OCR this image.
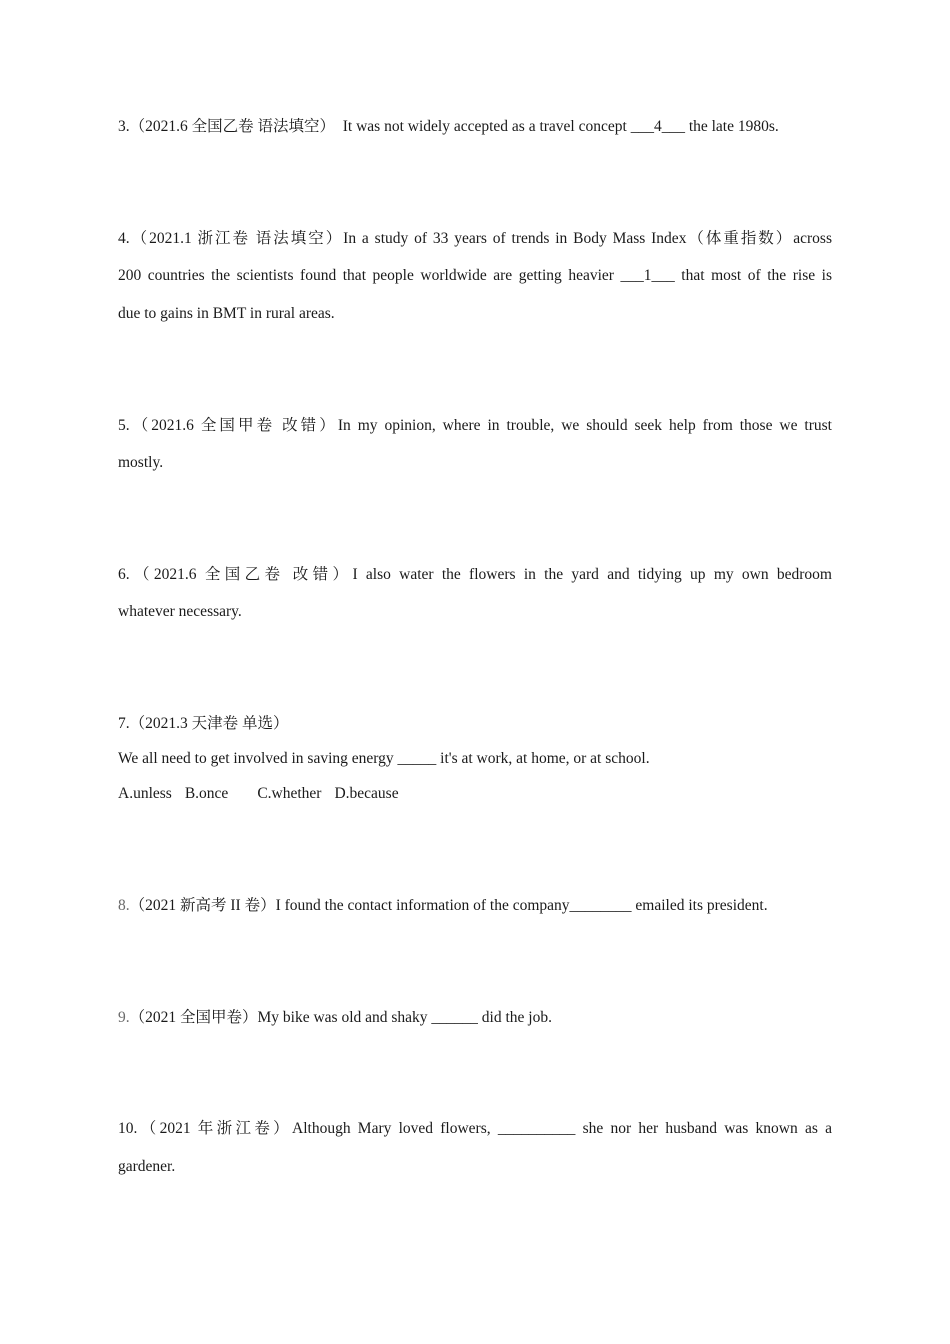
3.（2021.6 全国乙卷 语法填空）  It was not widely accepted as a travel concept ___4___ the late 1980s.
4.（2021.1 浙江卷 语法填空）In a study of 33 years of trends in Body Mass Index（体重指数）across
200 countries the scientists found that people worldwide are getting heavier ___1___ that most of the rise is
due to gains in BMT in rural areas.
5.（2021.6 全国甲卷 改错）In my opinion, where in trouble, we should seek help from those we trust
mostly.
6.（2021.6 全国乙卷 改错）I also water the flowers in the yard and tidying up my own bedroom
whatever necessary.
7.（2021.3 天津卷 单选）
We all need to get involved in saving energy _____ it's at work, at home, or at school.
A.unless B.once C.whether D.because
8.（2021 新高考 II 卷）I found the contact information of the company________ emailed its president.
9.（2021 全国甲卷）My bike was old and shaky ______ did the job.
10.（2021 年浙江卷）Although Mary loved flowers, __________ she nor her husband was known as a
gardener.
